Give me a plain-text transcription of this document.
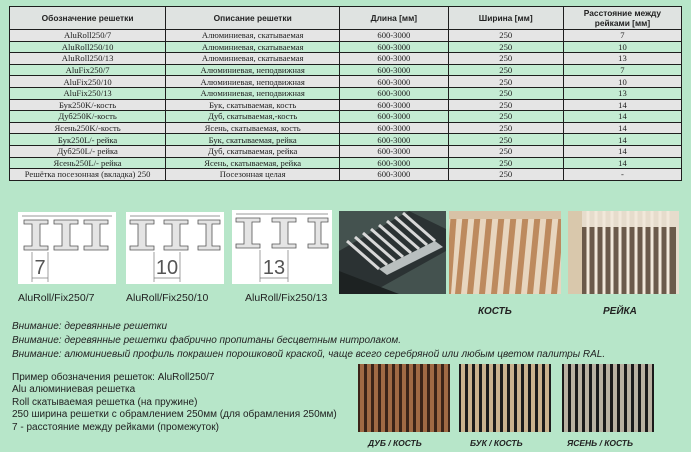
Обозначение решетки	Описание решетки	Длина [мм]	Ширина [мм]	Расстояние между рейками [мм]
AluRoll250/7	Алюминиевая, скатываемая	600-3000	250	7
AluRoll250/10	Алюминиевая, скатываемая	600-3000	250	10
AluRoll250/13	Алюминиевая, скатываемая	600-3000	250	13
AluFix250/7	Алюминиевая, неподвижная	600-3000	250	7
AluFix250/10	Алюминиевая, неподвижная	600-3000	250	10
AluFix250/13	Алюминиевая, неподвижная	600-3000	250	13
Бук250K/-кость	Бук, скатываемая, кость	600-3000	250	14
Дуб250K/-кость	Дуб, скатываемая,-кость	600-3000	250	14
Ясень250K/-кость	Ясень, скатываемая, кость	600-3000	250	14
Бук250L/- рейка	Бук, скатываемая, рейка	600-3000	250	14
Дуб250L/- рейка	Дуб, скатываемая, рейка	600-3000	250	14
Ясень250L/- рейка	Ясень, скатываемая, рейка	600-3000	250	14
Решётка посезонная (вкладка) 250	Посезонная целая	600-3000	250	-
7	10	13
AluRoll/Fix250/7	AluRoll/Fix250/10	AluRoll/Fix250/13
КОСТЬ	РЕЙКА
Внимание: деревянные решетки
Внимание: деревянные решетки фабрично пропитаны бесцветным нитролаком.
Внимание: алюминиевый профиль покрашен порошковой краской, чаще всего серебряной или любым цветом палитры RAL.
Пример обозначения решеток: AluRoll250/7
Alu алюминиевая решетка
Roll скатываемая решетка (на пружине)
250 ширина решетки с обрамлением 250мм (для обрамления 250мм)
7 - расстояние между рейками (промежуток)
ДУБ / КОСТЬ	БУК / КОСТЬ	ЯСЕНЬ / КОСТЬ
